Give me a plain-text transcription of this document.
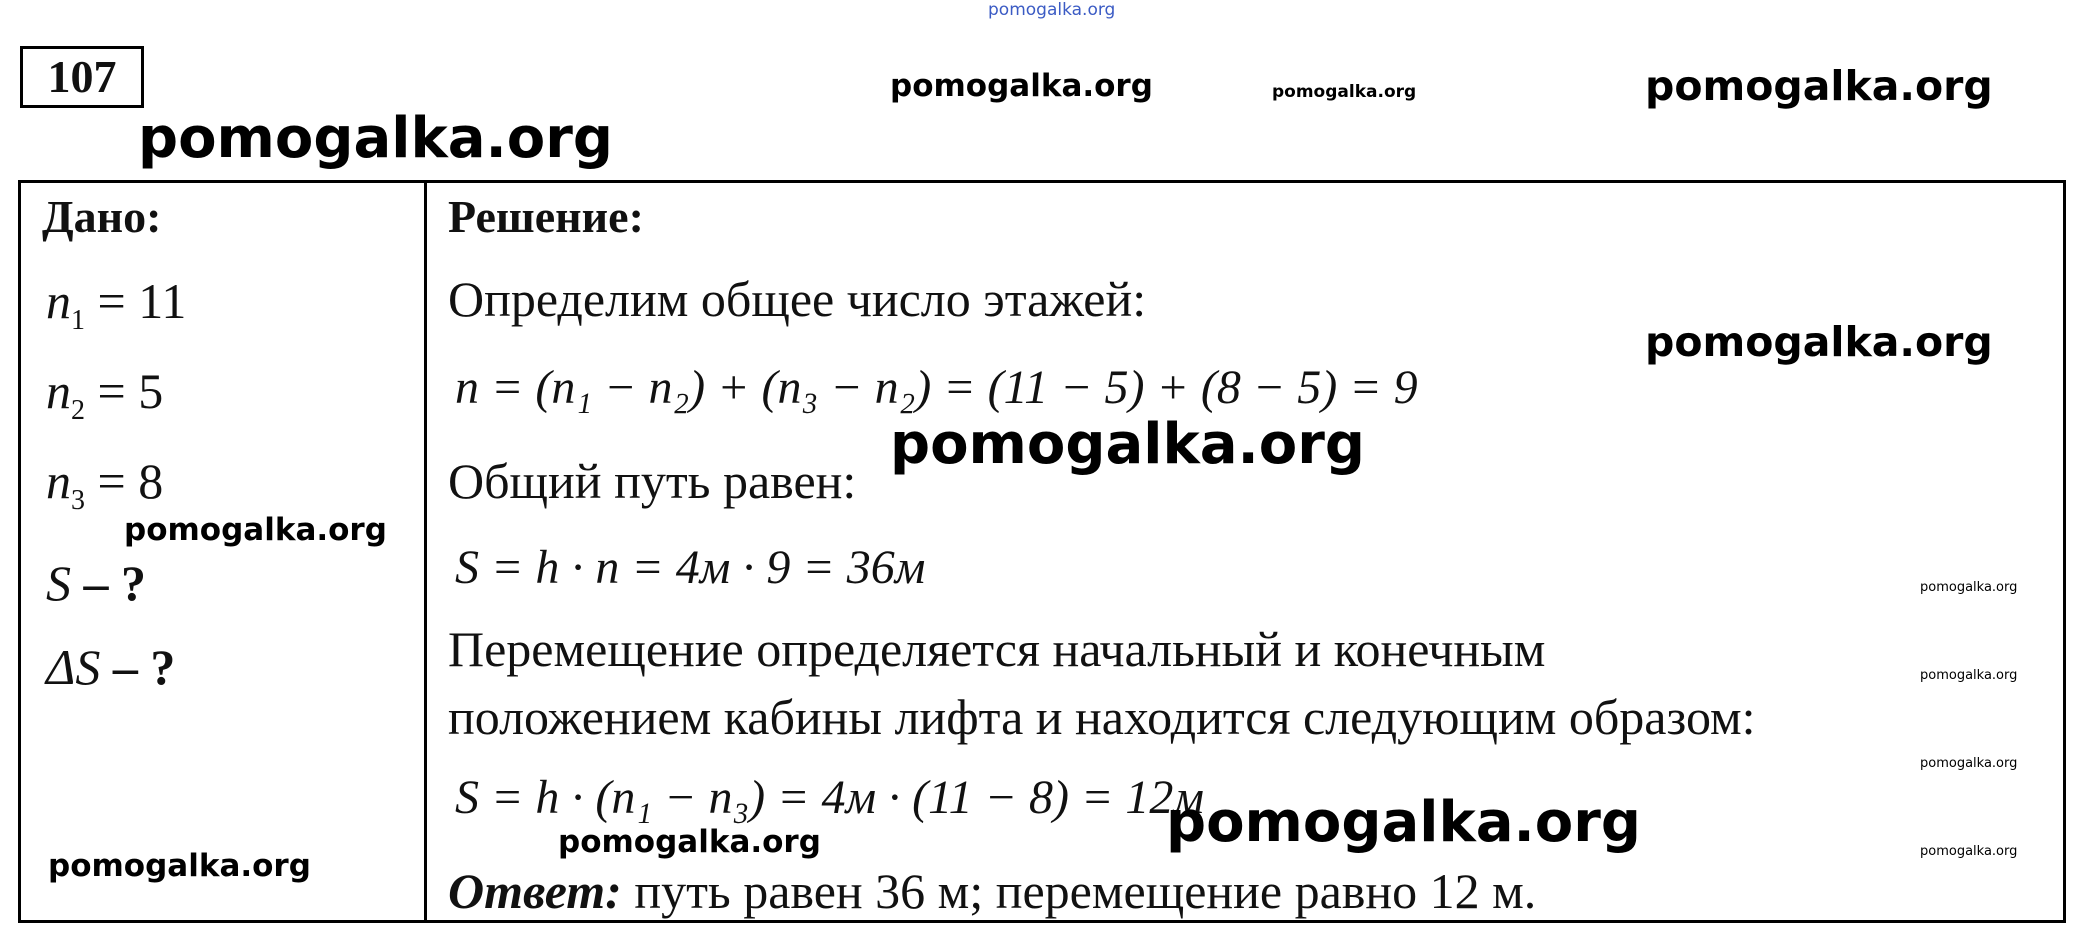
pomogalka.org
pomogalka.org	pomogalka.org	pomogalka.org
pomogalka.org
107
Дано:
$n_1 = 11$
$n_2 = 5$
$n_3 = 8$
S – ?
ΔS – ?
pomogalka.org
pomogalka.org
Решение:
Определим общее число этажей:
n = (n₁ − n₂) + (n₃ − n₂) = (11 − 5) + (8 − 5) = 9
pomogalka.org
pomogalka.org
Общий путь равен:
S = h · n = 4м · 9 = 36м
Перемещение определяется начальный и конечным
положением кабины лифта и находится следующим образом:
S = h · (n₁ − n₃) = 4м · (11 − 8) = 12м
pomogalka.org
pomogalka.org
pomogalka.org
pomogalka.org
pomogalka.org
pomogalka.org
Ответ: путь равен 36 м; перемещение равно 12 м.
